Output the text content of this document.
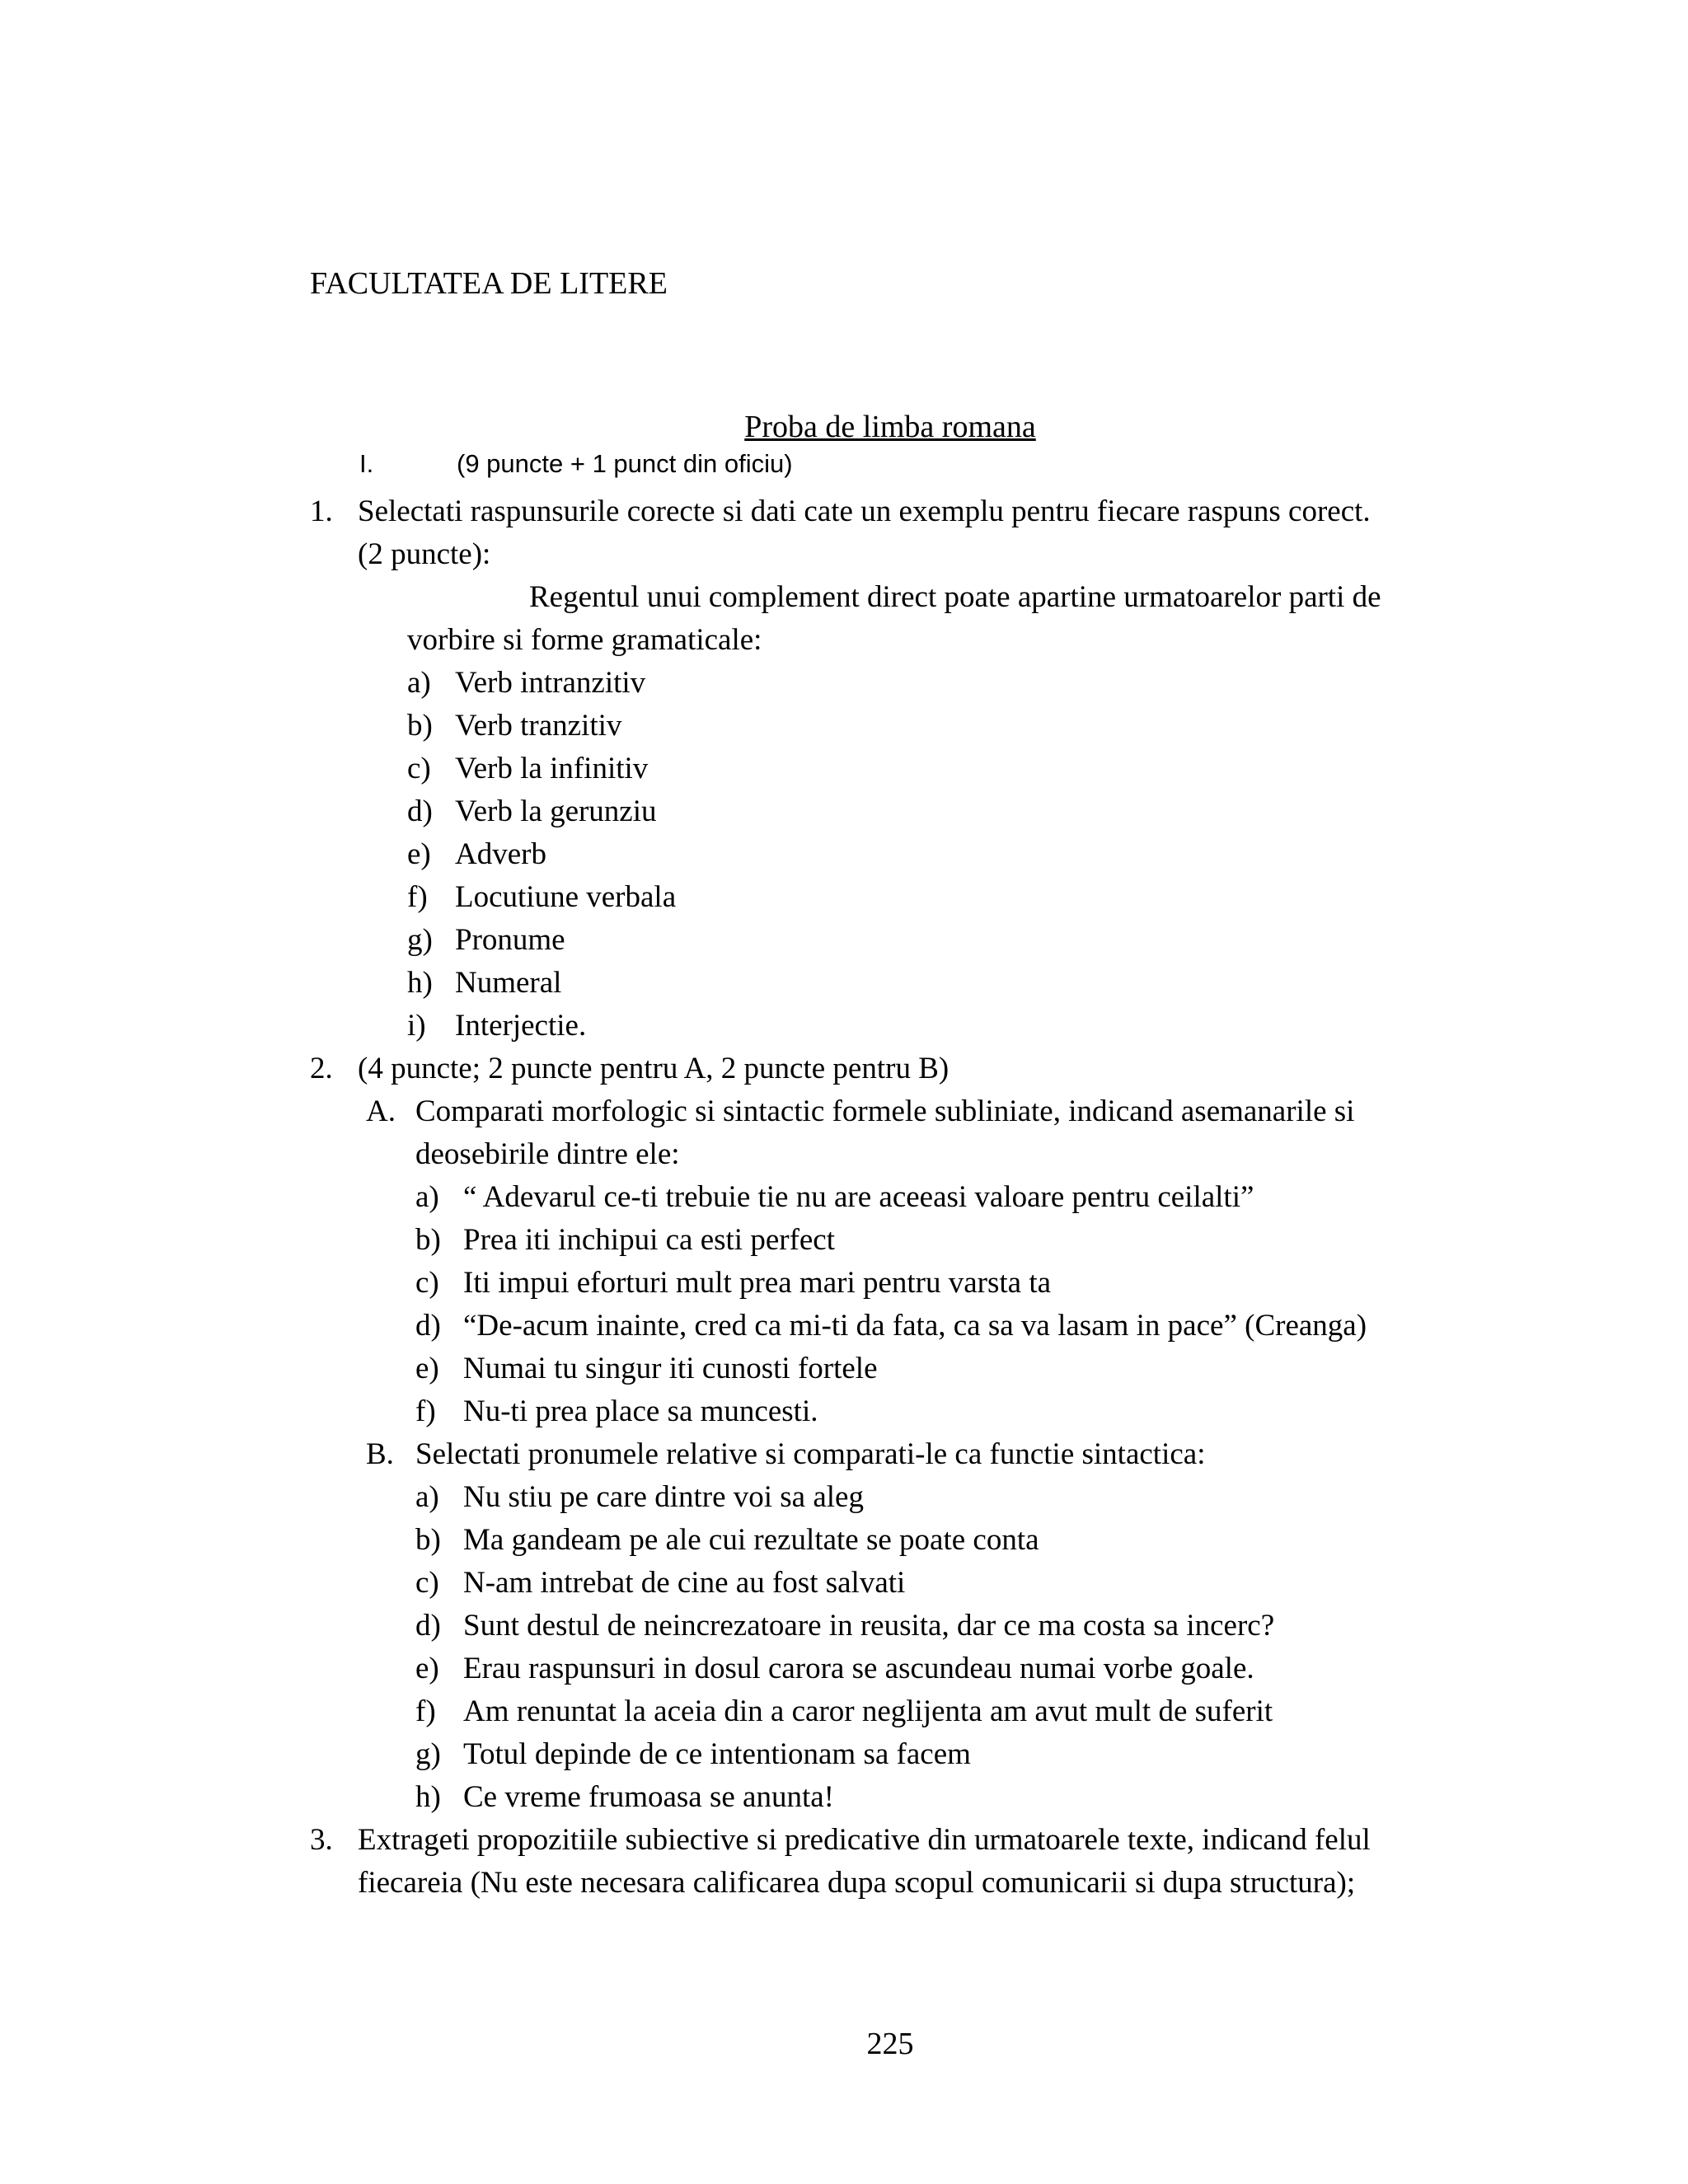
FACULTATEA DE LITERE
Proba de limba romana
I.	(9 puncte + 1 punct din oficiu)
1. Selectati raspunsurile corecte si dati cate un exemplu pentru fiecare raspuns corect.
(2 puncte):
Regentul unui complement direct poate apartine urmatoarelor parti de
vorbire si forme gramaticale:
a) Verb intranzitiv
b) Verb tranzitiv
c) Verb la infinitiv
d) Verb la gerunziu
e) Adverb
f) Locutiune verbala
g) Pronume
h) Numeral
i) Interjectie.
2. (4 puncte; 2 puncte pentru A, 2 puncte pentru B)
A. Comparati morfologic si sintactic formele subliniate, indicand asemanarile si
deosebirile dintre ele:
a) “ Adevarul ce-ti trebuie tie nu are aceeasi valoare pentru ceilalti”
b) Prea iti inchipui ca esti perfect
c) Iti impui eforturi mult prea mari pentru varsta ta
d) “De-acum inainte, cred ca mi-ti da fata, ca sa va lasam in pace” (Creanga)
e) Numai tu singur iti cunosti fortele
f) Nu-ti prea place sa muncesti.
B. Selectati pronumele relative si comparati-le ca functie sintactica:
a) Nu stiu pe care dintre voi sa aleg
b) Ma gandeam pe ale cui rezultate se poate conta
c) N-am intrebat de cine au fost salvati
d) Sunt destul de neincrezatoare in reusita, dar ce ma costa sa incerc?
e) Erau raspunsuri in dosul carora se ascundeau numai vorbe goale.
f) Am renuntat la aceia din a caror neglijenta am avut mult de suferit
g) Totul depinde de ce intentionam sa facem
h) Ce vreme frumoasa se anunta!
3. Extrageti propozitiile subiective si predicative din urmatoarele texte, indicand felul
fiecareia (Nu este necesara calificarea dupa scopul comunicarii si dupa structura);
225
